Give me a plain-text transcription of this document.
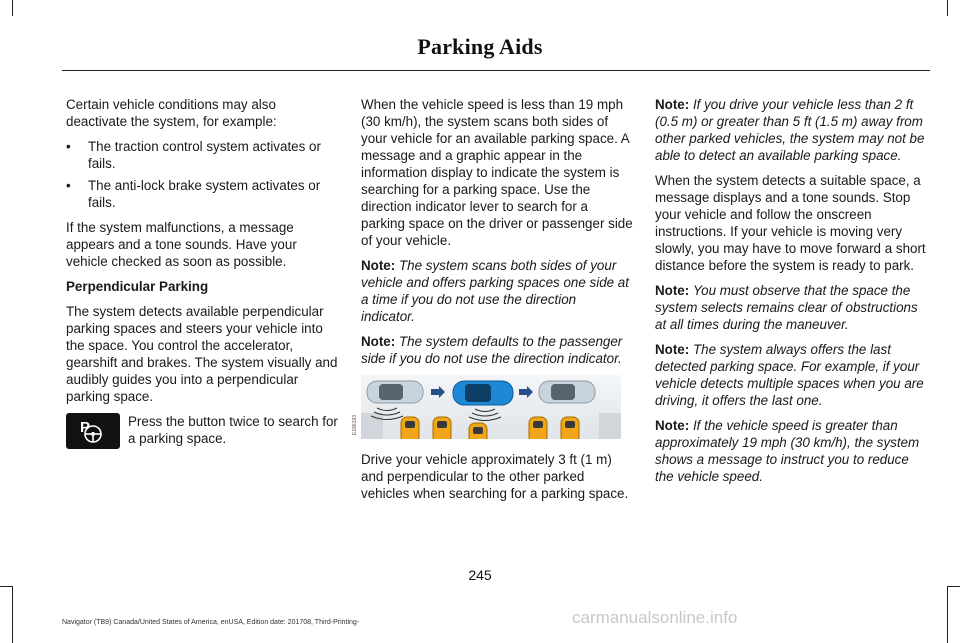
Parking Aids

Certain vehicle conditions may also deactivate the system, for example:

• The traction control system activates or fails.
• The anti-lock brake system activates or fails.

If the system malfunctions, a message appears and a tone sounds. Have your vehicle checked as soon as possible.

Perpendicular Parking

The system detects available perpendicular parking spaces and steers your vehicle into the space. You control the accelerator, gearshift and brakes. The system visually and audibly guides you into a perpendicular parking space.

P	Press the button twice to search for a parking space.

When the vehicle speed is less than 19 mph (30 km/h), the system scans both sides of your vehicle for an available parking space. A message and a graphic appear in the information display to indicate the system is searching for a parking space. Use the direction indicator lever to search for a parking space on the driver or passenger side of your vehicle.

Note: The system scans both sides of your vehicle and offers parking spaces one side at a time if you do not use the direction indicator.

Note: The system defaults to the passenger side if you do not use the direction indicator.

E186193

Drive your vehicle approximately 3 ft (1 m) and perpendicular to the other parked vehicles when searching for a parking space.

Note: If you drive your vehicle less than 2 ft (0.5 m) or greater than 5 ft (1.5 m) away from other parked vehicles, the system may not be able to detect an available parking space.

When the system detects a suitable space, a message displays and a tone sounds. Stop your vehicle and follow the onscreen instructions. If your vehicle is moving very slowly, you may have to move forward a short distance before the system is ready to park.

Note: You must observe that the space the system selects remains clear of obstructions at all times during the maneuver.

Note: The system always offers the last detected parking space. For example, if your vehicle detects multiple spaces when you are driving, it offers the last one.

Note: If the vehicle speed is greater than approximately 19 mph (30 km/h), the system shows a message to instruct you to reduce the vehicle speed.

245
Navigator (TB9) Canada/United States of America, enUSA, Edition date: 201708, Third-Printing-	carmanualsonline.info
